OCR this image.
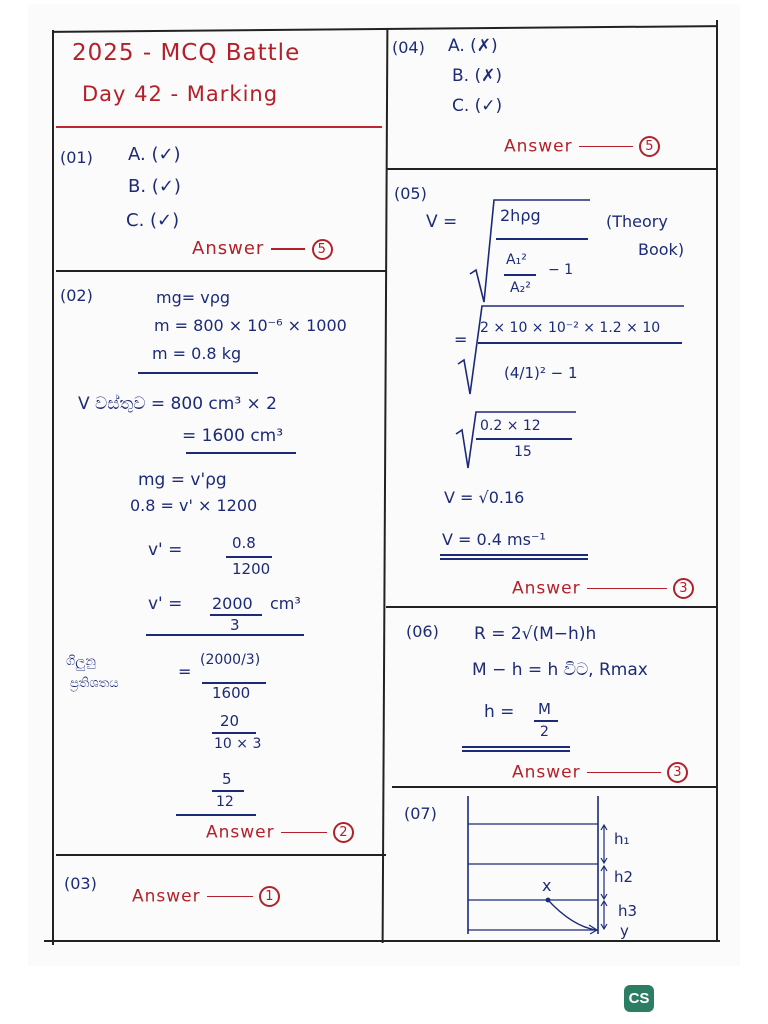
2025 - MCQ Battle
Day 42 - Marking
(01) A. (✓)
B. (✓)
C. (✓)
Answer	5
(02)	mg= vρg
m = 800 × 10⁻⁶ × 1000
m = 0.8 kg
V වස්තුව = 800 cm³ × 2
= 1600 cm³
mg = v'ρg
0.8 = v' × 1200
v' =	0.8
1200
v' = 2000 cm³
3
ගිලුනු
ප්‍රතිශතය
=
(2000/3)
1600
20
10 × 3
5
12
Answer	2
(03)
Answer	1
(04) A. (✗)
B. (✗)
C. (✓)
Answer	5
(05)
V =	2hρg
A₁²
A₂²
− 1
(Theory
Book)
=
2 × 10 × 10⁻² × 1.2 × 10
(4/1)² − 1
0.2 × 12
15
V = √0.16
V = 0.4 ms⁻¹
Answer	3
(06) R = 2√(M−h)h
M − h = h විට, Rmax
h = M
2
Answer	3
(07)
h₁
h2
h3
x
y
CS
